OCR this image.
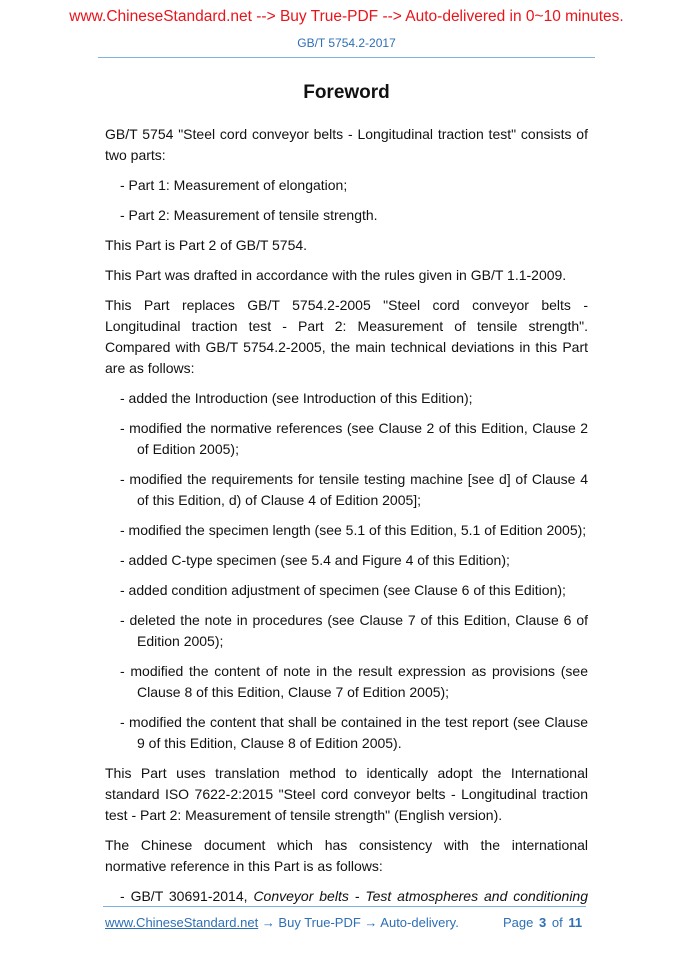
www.ChineseStandard.net --> Buy True-PDF --> Auto-delivered in 0~10 minutes.
GB/T 5754.2-2017
Foreword
GB/T 5754 "Steel cord conveyor belts - Longitudinal traction test" consists of two parts:
- Part 1: Measurement of elongation;
- Part 2: Measurement of tensile strength.
This Part is Part 2 of GB/T 5754.
This Part was drafted in accordance with the rules given in GB/T 1.1-2009.
This Part replaces GB/T 5754.2-2005 "Steel cord conveyor belts - Longitudinal traction test - Part 2: Measurement of tensile strength". Compared with GB/T 5754.2-2005, the main technical deviations in this Part are as follows:
- added the Introduction (see Introduction of this Edition);
- modified the normative references (see Clause 2 of this Edition, Clause 2 of Edition 2005);
- modified the requirements for tensile testing machine [see d] of Clause 4 of this Edition, d) of Clause 4 of Edition 2005];
- modified the specimen length (see 5.1 of this Edition, 5.1 of Edition 2005);
- added C-type specimen (see 5.4 and Figure 4 of this Edition);
- added condition adjustment of specimen (see Clause 6 of this Edition);
- deleted the note in procedures (see Clause 7 of this Edition, Clause 6 of Edition 2005);
- modified the content of note in the result expression as provisions (see Clause 8 of this Edition, Clause 7 of Edition 2005);
- modified the content that shall be contained in the test report (see Clause 9 of this Edition, Clause 8 of Edition 2005).
This Part uses translation method to identically adopt the International standard ISO 7622-2:2015 "Steel cord conveyor belts - Longitudinal traction test - Part 2: Measurement of tensile strength" (English version).
The Chinese document which has consistency with the international normative reference in this Part is as follows:
- GB/T 30691-2014, Conveyor belts - Test atmospheres and conditioning
www.ChineseStandard.net → Buy True-PDF → Auto-delivery.	Page 3 of 11
